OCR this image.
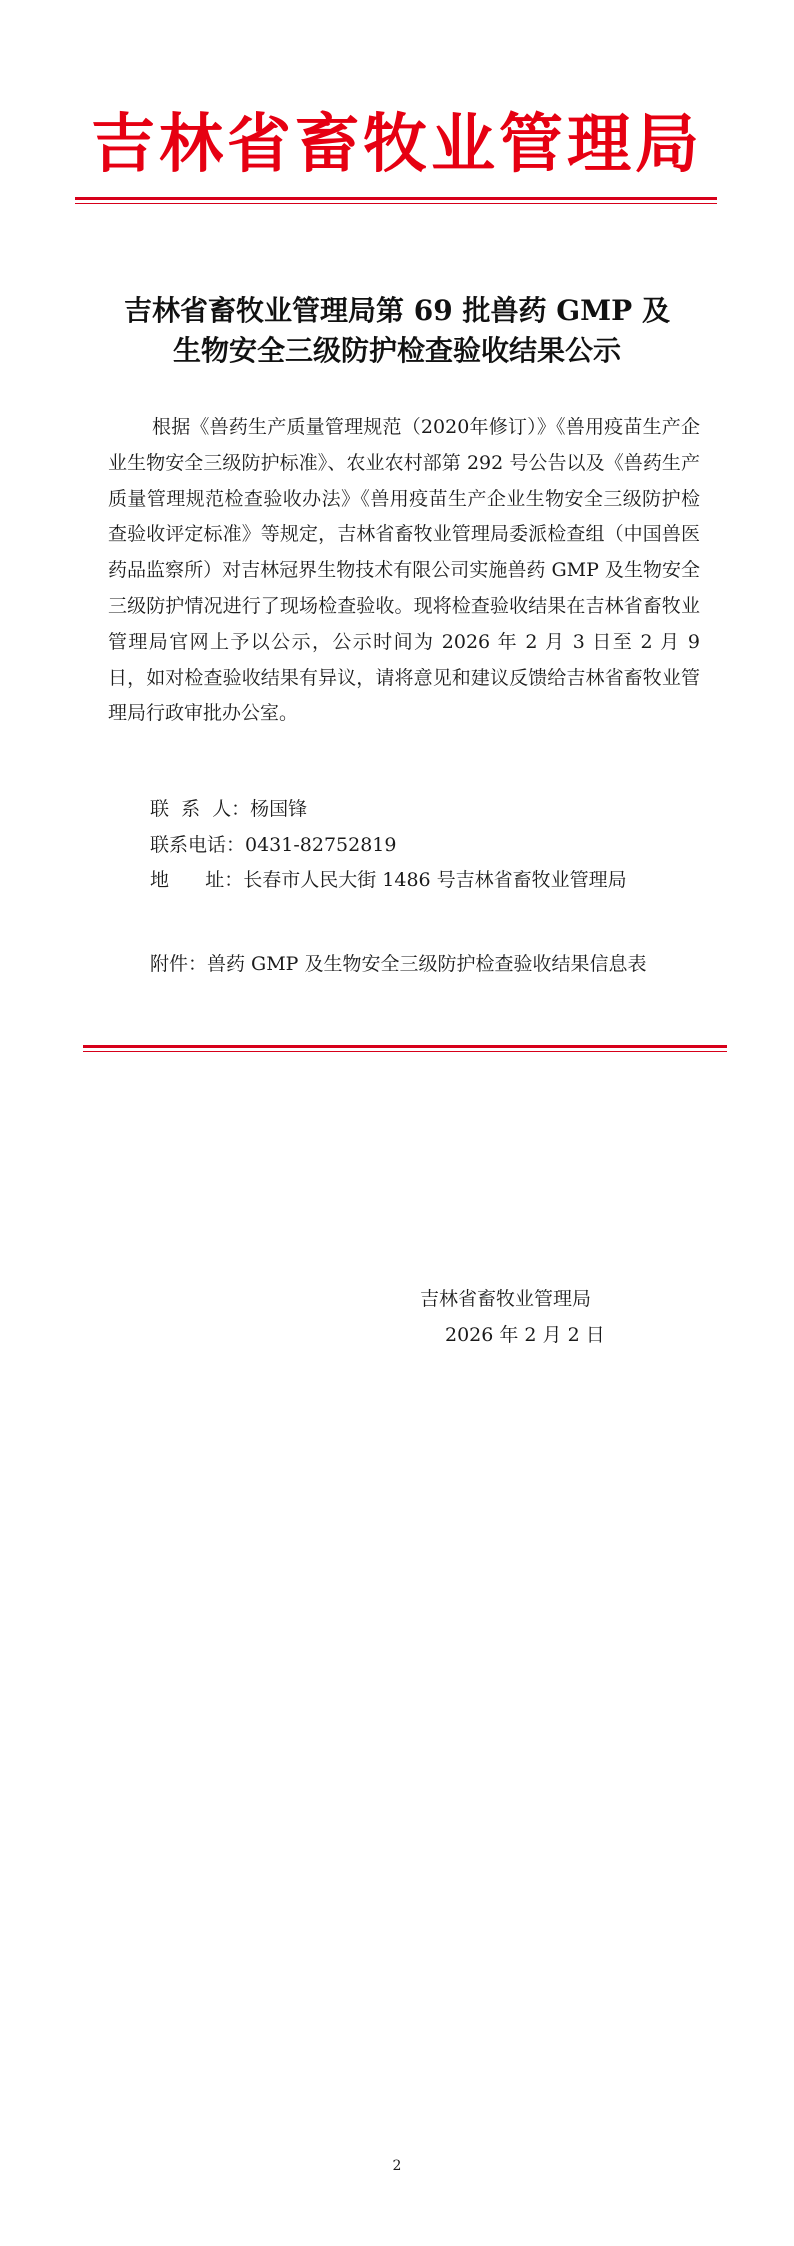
吉林省畜牧业管理局
吉林省畜牧业管理局第 69 批兽药 GMP 及
生物安全三级防护检查验收结果公示
根据《兽药生产质量管理规范（2020年修订）》《兽用疫苗生产企业生物安全三级防护标准》、农业农村部第 292 号公告以及《兽药生产质量管理规范检查验收办法》《兽用疫苗生产企业生物安全三级防护检查验收评定标准》等规定，吉林省畜牧业管理局委派检查组（中国兽医药品监察所）对吉林冠界生物技术有限公司实施兽药 GMP 及生物安全三级防护情况进行了现场检查验收。现将检查验收结果在吉林省畜牧业管理局官网上予以公示，公示时间为 2026 年 2 月 3 日至 2 月 9 日，如对检查验收结果有异议，请将意见和建议反馈给吉林省畜牧业管理局行政审批办公室。
联  系  人：杨国锋
联系电话：0431-82752819
地      址：长春市人民大街 1486 号吉林省畜牧业管理局
附件：兽药 GMP 及生物安全三级防护检查验收结果信息表
吉林省畜牧业管理局
2026 年 2 月 2 日
2
